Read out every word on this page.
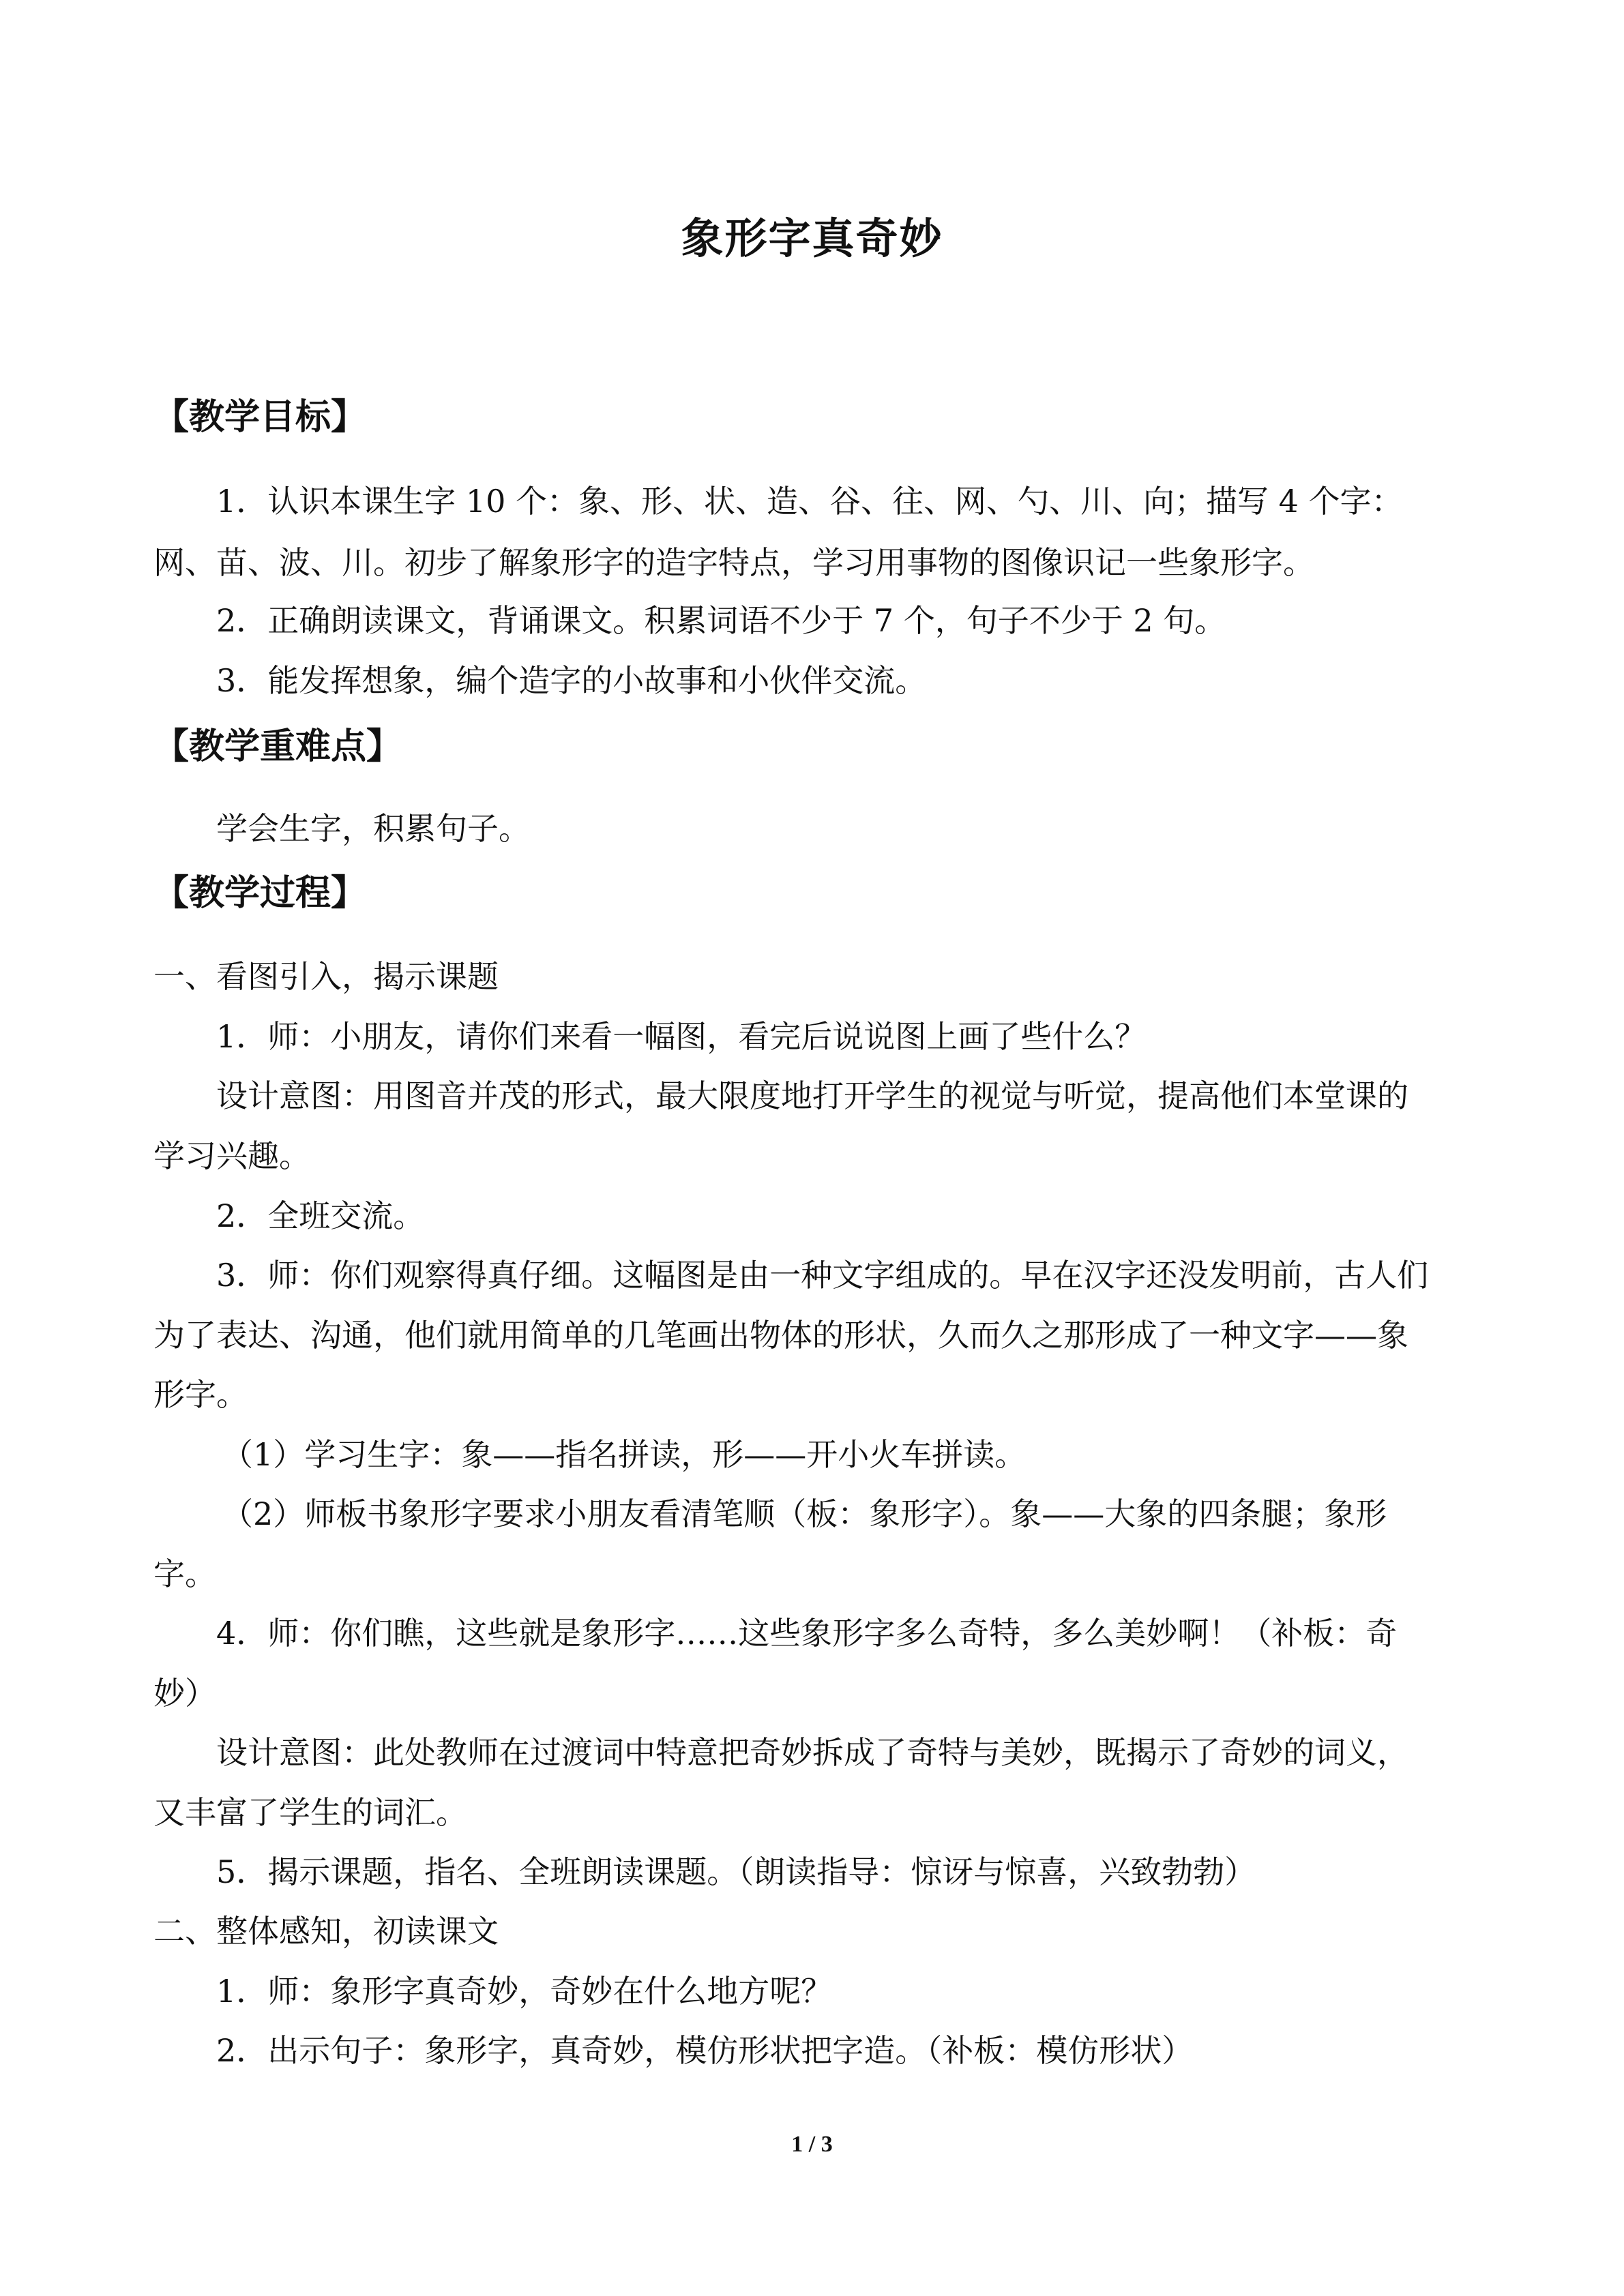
象形字真奇妙
【教学目标】
1．认识本课生字 10 个：象、形、状、造、谷、往、网、勺、川、向；描写 4 个字：
网、苗、波、川。初步了解象形字的造字特点，学习用事物的图像识记一些象形字。
2．正确朗读课文，背诵课文。积累词语不少于 7 个，句子不少于 2 句。
3．能发挥想象，编个造字的小故事和小伙伴交流。
【教学重难点】
学会生字，积累句子。
【教学过程】
一、看图引入，揭示课题
1．师：小朋友，请你们来看一幅图，看完后说说图上画了些什么？
设计意图：用图音并茂的形式，最大限度地打开学生的视觉与听觉，提高他们本堂课的
学习兴趣。
2．全班交流。
3．师：你们观察得真仔细。这幅图是由一种文字组成的。早在汉字还没发明前，古人们
为了表达、沟通，他们就用简单的几笔画出物体的形状，久而久之那形成了一种文字——象
形字。
（1）学习生字：象——指名拼读，形——开小火车拼读。
（2）师板书象形字要求小朋友看清笔顺（板：象形字）。象——大象的四条腿；象形
字。
4．师：你们瞧，这些就是象形字……这些象形字多么奇特，多么美妙啊！（补板：奇
妙）
设计意图：此处教师在过渡词中特意把奇妙拆成了奇特与美妙，既揭示了奇妙的词义，
又丰富了学生的词汇。
5．揭示课题，指名、全班朗读课题。（朗读指导：惊讶与惊喜，兴致勃勃）
二、整体感知，初读课文
1．师：象形字真奇妙，奇妙在什么地方呢？
2．出示句子：象形字，真奇妙，模仿形状把字造。（补板：模仿形状）
1 / 3
